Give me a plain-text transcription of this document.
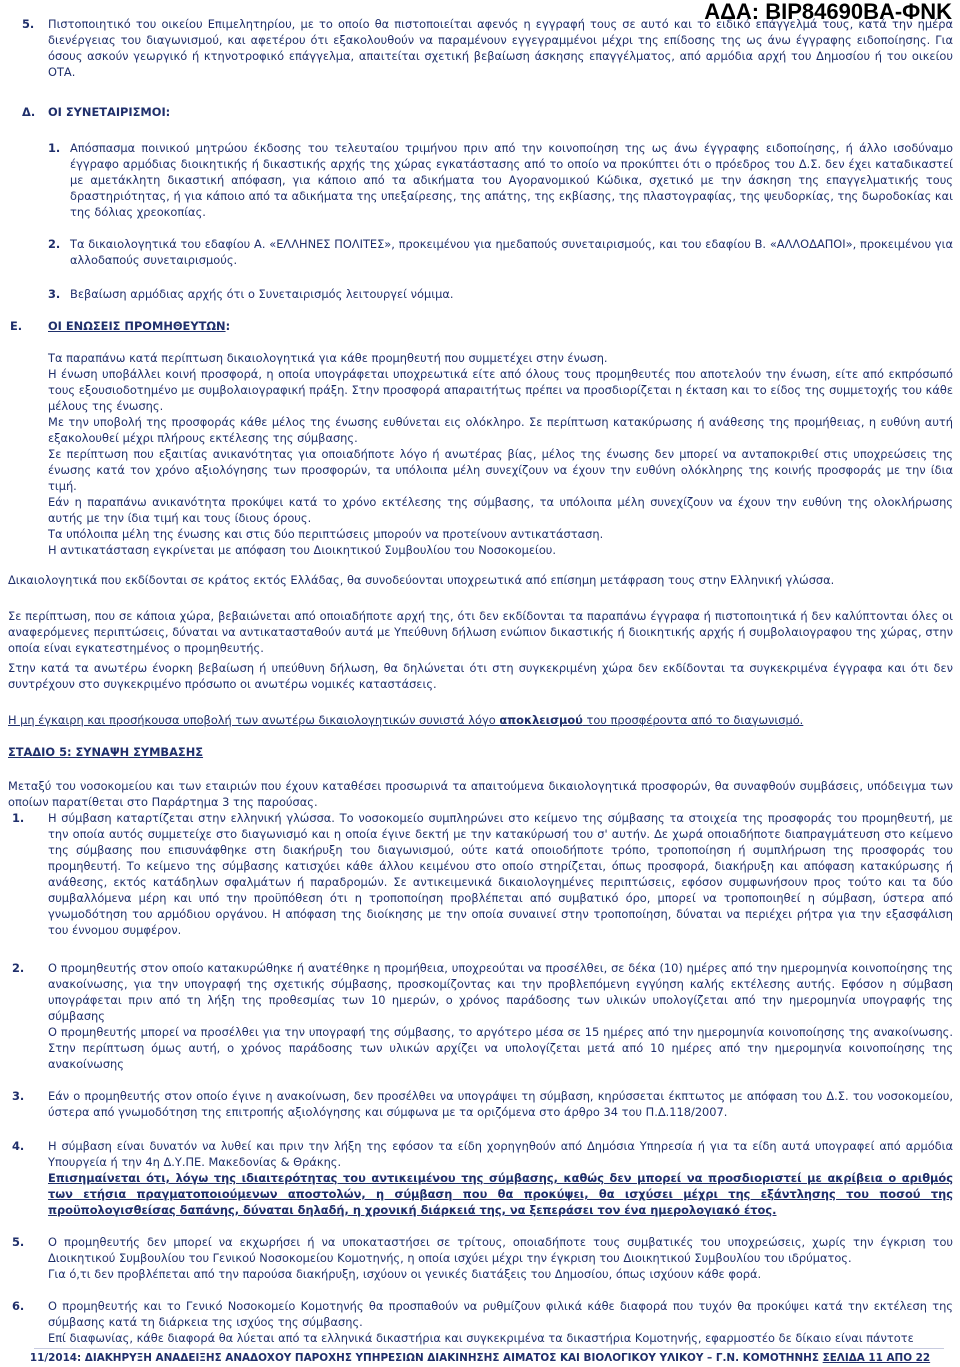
ΑΔΑ: ΒΙΡ84690ΒΑ-ΦΝΚ
5. Πιστοποιητικό του οικείου Επιμελητηρίου, με το οποίο θα πιστοποιείται αφενός η εγγραφή τους σε αυτό και το ειδικό επάγγελμά τους, κατά την ημέρα διενέργειας του διαγωνισμού, και αφετέρου ότι εξακολουθούν να παραμένουν εγγεγραμμένοι μέχρι της επίδοσης της ως άνω έγγραφης ειδοποίησης. Για όσους ασκούν γεωργικό ή κτηνοτροφικό επάγγελμα, απαιτείται σχετική βεβαίωση άσκησης επαγγέλματος, από αρμόδια αρχή του Δημοσίου ή του οικείου ΟΤΑ.
Δ. ΟΙ ΣΥΝΕΤΑΙΡΙΣΜΟΙ:
1. Απόσπασμα ποινικού μητρώου έκδοσης του τελευταίου τριμήνου πριν από την κοινοποίηση της ως άνω έγγραφης ειδοποίησης, ή άλλο ισοδύναμο έγγραφο αρμόδιας διοικητικής ή δικαστικής αρχής της χώρας εγκατάστασης από το οποίο να προκύπτει ότι ο πρόεδρος του Δ.Σ. δεν έχει καταδικαστεί με αμετάκλητη δικαστική απόφαση, για κάποιο από τα αδικήματα του Αγορανομικού Κώδικα, σχετικό με την άσκηση της επαγγελματικής τους δραστηριότητας, ή για κάποιο από τα αδικήματα της υπεξαίρεσης, της απάτης, της εκβίασης, της πλαστογραφίας, της ψευδορκίας, της δωροδοκίας και της δόλιας χρεοκοπίας.
2. Τα δικαιολογητικά του εδαφίου Α. «ΕΛΛΗΝΕΣ ΠΟΛΙΤΕΣ», προκειμένου για ημεδαπούς συνεταιρισμούς, και του εδαφίου Β. «ΑΛΛΟΔΑΠΟΙ», προκειμένου για αλλοδαπούς συνεταιρισμούς.
3. Βεβαίωση αρμόδιας αρχής ότι ο Συνεταιρισμός λειτουργεί νόμιμα.
Ε. ΟΙ ΕΝΩΣΕΙΣ ΠΡΟΜΗΘΕΥΤΩΝ:
Τα παραπάνω κατά περίπτωση δικαιολογητικά για κάθε προμηθευτή που συμμετέχει στην ένωση.
Η ένωση υποβάλλει κοινή προσφορά, η οποία υπογράφεται υποχρεωτικά είτε από όλους τους προμηθευτές που αποτελούν την ένωση, είτε από εκπρόσωπό τους εξουσιοδοτημένο με συμβολαιογραφική πράξη. Στην προσφορά απαραιτήτως πρέπει να προσδιορίζεται η έκταση και το είδος της συμμετοχής του κάθε μέλους της ένωσης.
Με την υποβολή της προσφοράς κάθε μέλος της ένωσης ευθύνεται εις ολόκληρο. Σε περίπτωση κατακύρωσης ή ανάθεσης της προμήθειας, η ευθύνη αυτή εξακολουθεί μέχρι πλήρους εκτέλεσης της σύμβασης.
Σε περίπτωση που εξαιτίας ανικανότητας για οποιαδήποτε λόγο ή ανωτέρας βίας, μέλος της ένωσης δεν μπορεί να ανταποκριθεί στις υποχρεώσεις της ένωσης κατά τον χρόνο αξιολόγησης των προσφορών, τα υπόλοιπα μέλη συνεχίζουν να έχουν την ευθύνη ολόκληρης της κοινής προσφοράς με την ίδια τιμή.
Εάν η παραπάνω ανικανότητα προκύψει κατά το χρόνο εκτέλεσης της σύμβασης, τα υπόλοιπα μέλη συνεχίζουν να έχουν την ευθύνη της ολοκλήρωσης αυτής με την ίδια τιμή και τους ίδιους όρους.
Τα υπόλοιπα μέλη της ένωσης και στις δύο περιπτώσεις μπορούν να προτείνουν αντικατάσταση.
Η αντικατάσταση εγκρίνεται με απόφαση του Διοικητικού Συμβουλίου του Νοσοκομείου.
Δικαιολογητικά που εκδίδονται σε κράτος εκτός Ελλάδας, θα συνοδεύονται υποχρεωτικά από επίσημη μετάφραση τους στην Ελληνική γλώσσα.
Σε περίπτωση, που σε κάποια χώρα, βεβαιώνεται από οποιαδήποτε αρχή της, ότι δεν εκδίδονται τα παραπάνω έγγραφα ή πιστοποιητικά ή δεν καλύπτονται όλες οι αναφερόμενες περιπτώσεις, δύναται να αντικατασταθούν αυτά με Υπεύθυνη δήλωση ενώπιον δικαστικής ή διοικητικής αρχής ή συμβολαιογραφου της χώρας, στην οποία είναι εγκατεστημένος ο προμηθευτής.
Στην κατά τα ανωτέρω ένορκη βεβαίωση ή υπεύθυνη δήλωση, θα δηλώνεται ότι στη συγκεκριμένη χώρα δεν εκδίδονται τα συγκεκριμένα έγγραφα και ότι δεν συντρέχουν στο συγκεκριμένο πρόσωπο οι ανωτέρω νομικές καταστάσεις.
Η μη έγκαιρη και προσήκουσα υποβολή των ανωτέρω δικαιολογητικών συνιστά λόγο αποκλεισμού του προσφέροντα από το διαγωνισμό.
ΣΤΑΔΙΟ 5: ΣΥΝΑΨΗ ΣΥΜΒΑΣΗΣ
Μεταξύ του νοσοκομείου και των εταιριών που έχουν καταθέσει προσωρινά τα απαιτούμενα δικαιολογητικά προσφορών, θα συναφθούν συμβάσεις, υπόδειγμα των οποίων παρατίθεται στο Παράρτημα 3 της παρούσας.
1. Η σύμβαση καταρτίζεται στην ελληνική γλώσσα. Το νοσοκομείο συμπληρώνει στο κείμενο της σύμβασης τα στοιχεία της προσφοράς του προμηθευτή, με την οποία αυτός συμμετείχε στο διαγωνισμό και η οποία έγινε δεκτή με την κατακύρωσή του σ' αυτήν. Δε χωρά οποιαδήποτε διαπραγμάτευση στο κείμενο της σύμβασης που επισυνάφθηκε στη διακήρυξη του διαγωνισμού, ούτε κατά οποιοδήποτε τρόπο, τροποποίηση ή συμπλήρωση της προσφοράς του προμηθευτή. Το κείμενο της σύμβασης κατισχύει κάθε άλλου κειμένου στο οποίο στηρίζεται, όπως προσφορά, διακήρυξη και απόφαση κατακύρωσης ή ανάθεσης, εκτός κατάδηλων σφαλμάτων ή παραδρομών. Σε αντικειμενικά δικαιολογημένες περιπτώσεις, εφόσον συμφωνήσουν προς τούτο και τα δύο συμβαλλόμενα μέρη και υπό την προϋπόθεση ότι η τροποποίηση προβλέπεται από συμβατικό όρο, μπορεί να τροποποιηθεί η σύμβαση, ύστερα από γνωμοδότηση του αρμόδιου οργάνου. Η απόφαση της διοίκησης με την οποία συναινεί στην τροποποίηση, δύναται να περιέχει ρήτρα για την εξασφάλιση του έννομου συμφέρον.
2. Ο προμηθευτής στον οποίο κατακυρώθηκε ή ανατέθηκε η προμήθεια, υποχρεούται να προσέλθει, σε δέκα (10) ημέρες από την ημερομηνία κοινοποίησης της ανακοίνωσης, για την υπογραφή της σχετικής σύμβασης, προσκομίζοντας και την προβλεπόμενη εγγύηση καλής εκτέλεσης αυτής. Εφόσον η σύμβαση υπογράφεται πριν από τη λήξη της προθεσμίας των 10 ημερών, ο χρόνος παράδοσης των υλικών υπολογίζεται από την ημερομηνία υπογραφής της σύμβασης
Ο προμηθευτής μπορεί να προσέλθει για την υπογραφή της σύμβασης, το αργότερο μέσα σε 15 ημέρες από την ημερομηνία κοινοποίησης της ανακοίνωσης. Στην περίπτωση όμως αυτή, ο χρόνος παράδοσης των υλικών αρχίζει να υπολογίζεται μετά από 10 ημέρες από την ημερομηνία κοινοποίησης της ανακοίνωσης
3. Εάν ο προμηθευτής στον οποίο έγινε η ανακοίνωση, δεν προσέλθει να υπογράψει τη σύμβαση, κηρύσσεται έκπτωτος με απόφαση του Δ.Σ. του νοσοκομείου, ύστερα από γνωμοδότηση της επιτροπής αξιολόγησης και σύμφωνα με τα οριζόμενα στο άρθρο 34 του Π.Δ.118/2007.
4. Η σύμβαση είναι δυνατόν να λυθεί και πριν την λήξη της εφόσον τα είδη χορηγηθούν από Δημόσια Υπηρεσία ή για τα είδη αυτά υπογραφεί από αρμόδια Υπουργεία ή την 4η Δ.Υ.ΠΕ. Μακεδονίας & Θράκης.
Επισημαίνεται ότι, λόγω της ιδιαιτερότητας του αντικειμένου της σύμβασης, καθώς δεν μπορεί να προσδιοριστεί με ακρίβεια ο αριθμός των ετήσια πραγματοποιούμενων αποστολών, η σύμβαση που θα προκύψει, θα ισχύσει μέχρι της εξάντλησης του ποσού της προϋπολογισθείσας δαπάνης, δύναται δηλαδή, η χρονική διάρκειά της, να ξεπεράσει τον ένα ημερολογιακό έτος.
5. Ο προμηθευτής δεν μπορεί να εκχωρήσει ή να υποκαταστήσει σε τρίτους, οποιαδήποτε τους συμβατικές του υποχρεώσεις, χωρίς την έγκριση του Διοικητικού Συμβουλίου του Γενικού Νοσοκομείου Κομοτηνής, η οποία ισχύει μέχρι την έγκριση του Διοικητικού Συμβουλίου του ιδρύματος.
Για ό,τι δεν προβλέπεται από την παρούσα διακήρυξη, ισχύουν οι γενικές διατάξεις του Δημοσίου, όπως ισχύουν κάθε φορά.
6. Ο προμηθευτής και το Γενικό Νοσοκομείο Κομοτηνής θα προσπαθούν να ρυθμίζουν φιλικά κάθε διαφορά που τυχόν θα προκύψει κατά την εκτέλεση της σύμβασης κατά τη διάρκεια της ισχύος της σύμβασης.
Επί διαφωνίας, κάθε διαφορά θα λύεται από τα ελληνικά δικαστήρια και συγκεκριμένα τα δικαστήρια Κομοτηνής, εφαρμοστέο δε δίκαιο είναι πάντοτε
11/2014: ΔΙΑΚΗΡΥΞΗ ΑΝΑΔΕΙΞΗΣ ΑΝΑΔΟΧΟΥ ΠΑΡΟΧΗΣ ΥΠΗΡΕΣΙΩΝ ΔΙΑΚΙΝΗΣΗΣ ΑΙΜΑΤΟΣ ΚΑΙ ΒΙΟΛΟΓΙΚΟΥ ΥΛΙΚΟΥ – Γ.Ν. ΚΟΜΟΤΗΝΗΣ ΣΕΛΙΔΑ 11 ΑΠΟ 22
